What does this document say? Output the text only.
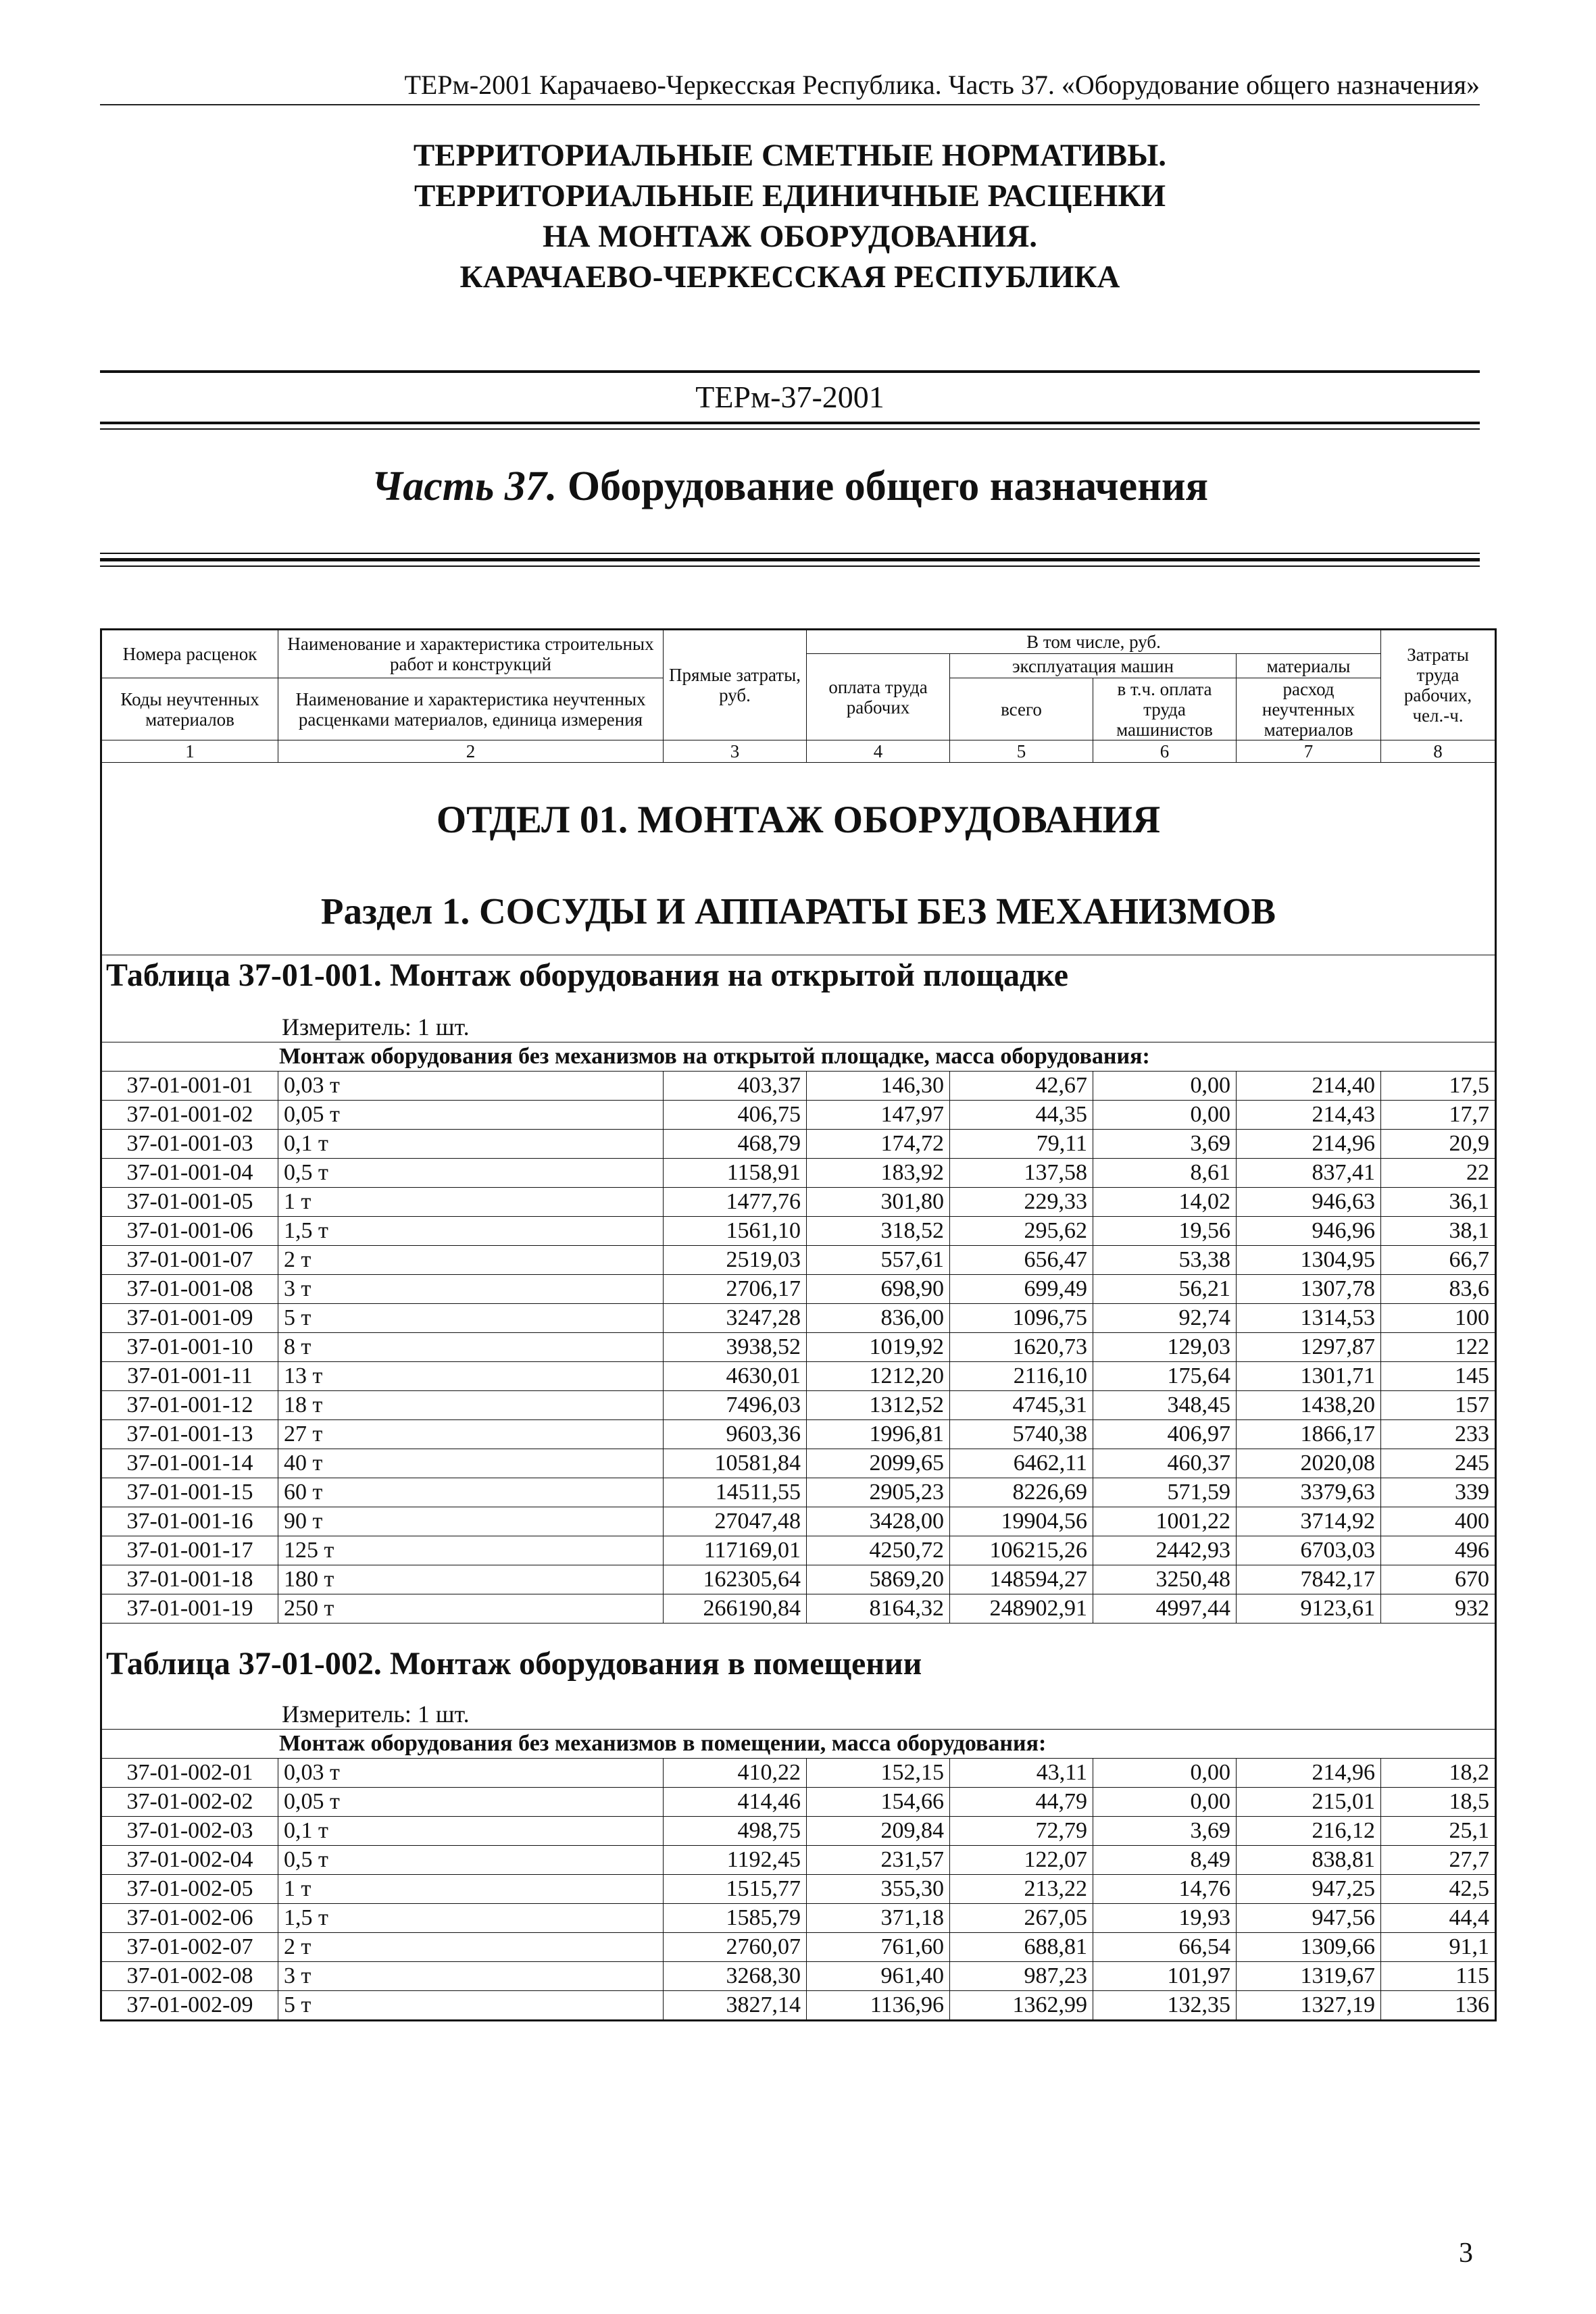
ТЕРм-2001 Карачаево-Черкесская Республика. Часть 37. «Оборудование общего назначения»
ТЕРРИТОРИАЛЬНЫЕ СМЕТНЫЕ НОРМАТИВЫ.
ТЕРРИТОРИАЛЬНЫЕ ЕДИНИЧНЫЕ РАСЦЕНКИ
НА МОНТАЖ ОБОРУДОВАНИЯ.
КАРАЧАЕВО-ЧЕРКЕССКАЯ РЕСПУБЛИКА
ТЕРм-37-2001
Часть 37. Оборудование общего назначения
Номера расценок	Наименование и характеристика строительных работ и конструкций	Прямые затраты, руб.	В том числе, руб.				Затраты труда рабочих, чел.-ч.
			оплата труда рабочих	эксплуатация машин		материалы	
Коды неучтенных материалов	Наименование и характеристика неучтенных расценками материалов, единица измерения			всего	в т.ч. оплата труда машинистов	расход неучтенных материалов	

1	2	3	4	5	6	7	8

ОТДЕЛ 01. МОНТАЖ ОБОРУДОВАНИЯ
Раздел 1. СОСУДЫ И АППАРАТЫ БЕЗ МЕХАНИЗМОВ							

Таблица 37-01-001. Монтаж оборудования на открытой площадке
Измеритель: 1 шт.							

Монтаж оборудования без механизмов на открытой площадке, масса оборудования:							
37-01-001-01	0,03 т	403,37	146,30	42,67	0,00	214,40	17,5
37-01-001-02	0,05 т	406,75	147,97	44,35	0,00	214,43	17,7
37-01-001-03	0,1 т	468,79	174,72	79,11	3,69	214,96	20,9
37-01-001-04	0,5 т	1158,91	183,92	137,58	8,61	837,41	22
37-01-001-05	1 т	1477,76	301,80	229,33	14,02	946,63	36,1
37-01-001-06	1,5 т	1561,10	318,52	295,62	19,56	946,96	38,1
37-01-001-07	2 т	2519,03	557,61	656,47	53,38	1304,95	66,7
37-01-001-08	3 т	2706,17	698,90	699,49	56,21	1307,78	83,6
37-01-001-09	5 т	3247,28	836,00	1096,75	92,74	1314,53	100
37-01-001-10	8 т	3938,52	1019,92	1620,73	129,03	1297,87	122
37-01-001-11	13 т	4630,01	1212,20	2116,10	175,64	1301,71	145
37-01-001-12	18 т	7496,03	1312,52	4745,31	348,45	1438,20	157
37-01-001-13	27 т	9603,36	1996,81	5740,38	406,97	1866,17	233
37-01-001-14	40 т	10581,84	2099,65	6462,11	460,37	2020,08	245
37-01-001-15	60 т	14511,55	2905,23	8226,69	571,59	3379,63	339
37-01-001-16	90 т	27047,48	3428,00	19904,56	1001,22	3714,92	400
37-01-001-17	125 т	117169,01	4250,72	106215,26	2442,93	6703,03	496
37-01-001-18	180 т	162305,64	5869,20	148594,27	3250,48	7842,17	670
37-01-001-19	250 т	266190,84	8164,32	248902,91	4997,44	9123,61	932

Таблица 37-01-002. Монтаж оборудования в помещении
Измеритель: 1 шт.							

Монтаж оборудования без механизмов в помещении, масса оборудования:							
37-01-002-01	0,03 т	410,22	152,15	43,11	0,00	214,96	18,2
37-01-002-02	0,05 т	414,46	154,66	44,79	0,00	215,01	18,5
37-01-002-03	0,1 т	498,75	209,84	72,79	3,69	216,12	25,1
37-01-002-04	0,5 т	1192,45	231,57	122,07	8,49	838,81	27,7
37-01-002-05	1 т	1515,77	355,30	213,22	14,76	947,25	42,5
37-01-002-06	1,5 т	1585,79	371,18	267,05	19,93	947,56	44,4
37-01-002-07	2 т	2760,07	761,60	688,81	66,54	1309,66	91,1
37-01-002-08	3 т	3268,30	961,40	987,23	101,97	1319,67	115
37-01-002-09	5 т	3827,14	1136,96	1362,99	132,35	1327,19	136
3
